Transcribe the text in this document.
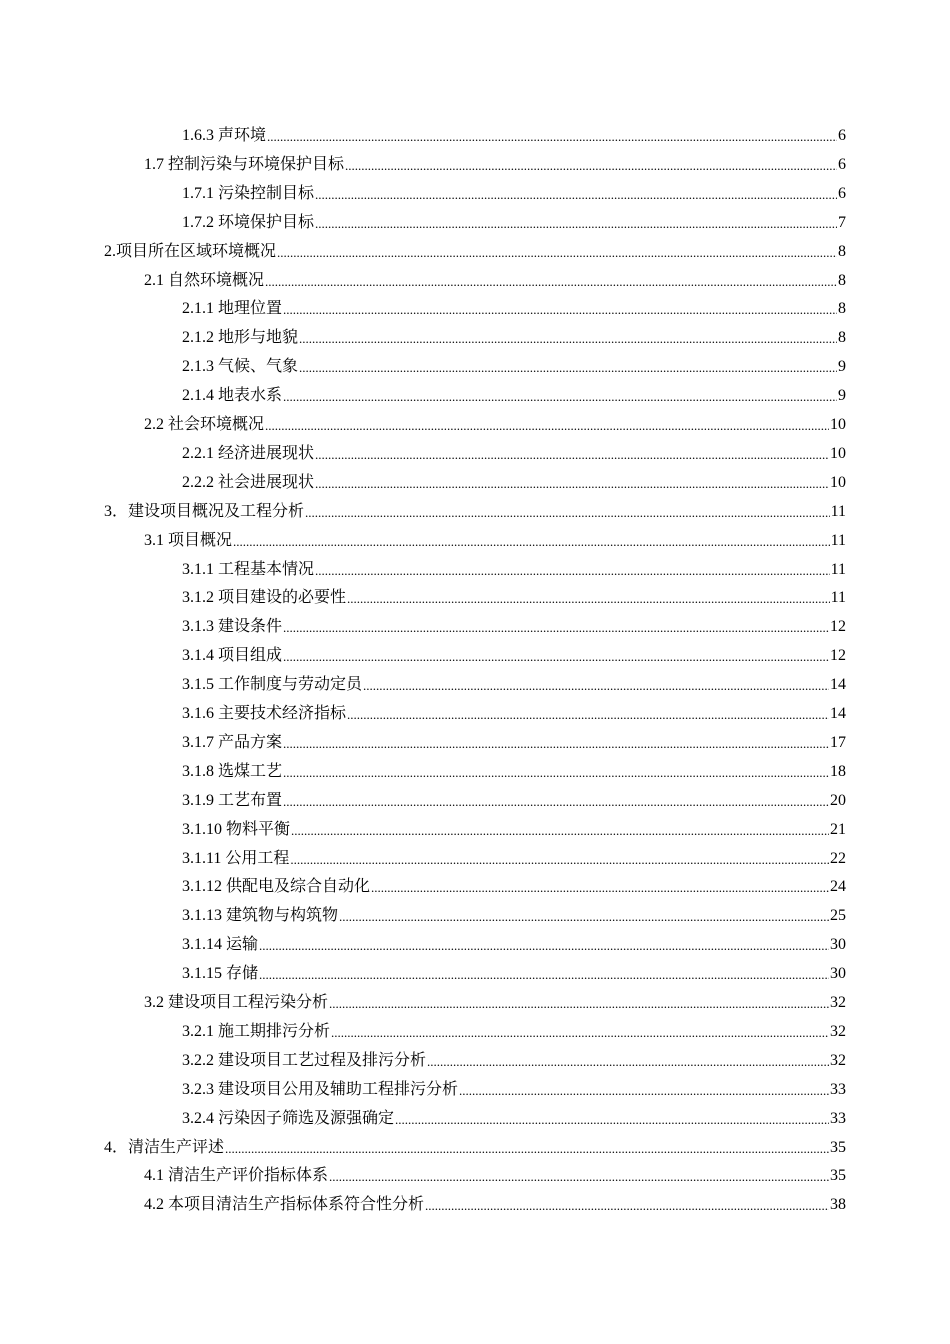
1.6.3 声环境 .....	6
1.7 控制污染与环境保护目标 .....	6
1.7.1 污染控制目标 .....	6
1.7.2 环境保护目标 .....	7
2.项目所在区域环境概况 .....	8
2.1 自然环境概况 .....	8
2.1.1 地理位置 .....	8
2.1.2 地形与地貌 .....	8
2.1.3 气候、气象 .....	9
2.1.4 地表水系 .....	9
2.2 社会环境概况 .....	10
2.2.1 经济进展现状 .....	10
2.2.2 社会进展现状 .....	10
3．建设项目概况及工程分析 .....	11
3.1 项目概况 .....	11
3.1.1 工程基本情况 .....	11
3.1.2 项目建设的必要性 .....	11
3.1.3 建设条件 .....	12
3.1.4 项目组成 .....	12
3.1.5 工作制度与劳动定员 .....	14
3.1.6 主要技术经济指标 .....	14
3.1.7 产品方案 .....	17
3.1.8 选煤工艺 .....	18
3.1.9 工艺布置 .....	20
3.1.10 物料平衡 .....	21
3.1.11 公用工程 .....	22
3.1.12 供配电及综合自动化 .....	24
3.1.13 建筑物与构筑物 .....	25
3.1.14 运输 .....	30
3.1.15 存储 .....	30
3.2 建设项目工程污染分析 .....	32
3.2.1 施工期排污分析 .....	32
3.2.2 建设项目工艺过程及排污分析 .....	32
3.2.3 建设项目公用及辅助工程排污分析 .....	33
3.2.4 污染因子筛选及源强确定 .....	33
4．清洁生产评述 .....	35
4.1 清洁生产评价指标体系 .....	35
4.2 本项目清洁生产指标体系符合性分析 .....	38
